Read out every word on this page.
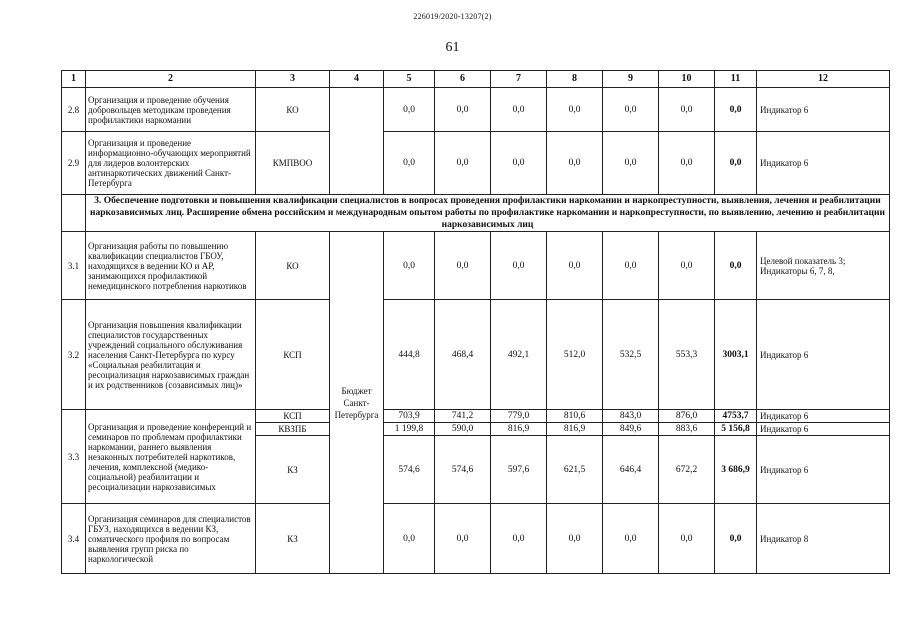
226019/2020-13207(2)
61
1	2	3	4	5	6	7	8	9	10	11	12
2.8	Организация и проведение обучения добровольцев методикам проведения профилактики наркомании	КО		0,0	0,0	0,0	0,0	0,0	0,0	0,0	Индикатор 6
2.9	Организация и проведение информационно-обучающих мероприятий для лидеров волонтерских антинаркотических движений Санкт-Петербурга	КМПВОО		0,0	0,0	0,0	0,0	0,0	0,0	0,0	Индикатор 6
	3. Обеспечение подготовки и повышения квалификации специалистов в вопросах проведения профилактики наркомании и наркопреступности, выявления, лечения и реабилитации наркозависимых лиц. Расширение обмена российским и международным опытом работы по профилактике наркомании и наркопреступности, по выявлению, лечению и реабилитации наркозависимых лиц										
3.1	Организация работы по повышению квалификации специалистов ГБОУ, находящихся в ведении КО и АР, занимающихся профилактикой немедицинского потребления наркотиков	КО	Бюджет Санкт-Петербурга	0,0	0,0	0,0	0,0	0,0	0,0	0,0	Целевой показатель 3; Индикаторы 6, 7, 8,
3.2	Организация повышения квалификации специалистов государственных учреждений социального обслуживания населения Санкт-Петербурга по курсу «Социальная реабилитация и ресоциализация наркозависимых граждан и их родственников (созависимых лиц)»	КСП		444,8	468,4	492,1	512,0	532,5	553,3	3003,1	Индикатор 6
3.3	Организация и проведение конференций и семинаров по проблемам профилактики наркомании, раннего выявления незаконных потребителей наркотиков, лечения, комплексной (медико-социальной) реабилитации и ресоциализации наркозависимых	КСП		703,9	741,2	779,0	810,6	843,0	876,0	4753,7	Индикатор 6
		КВЗПБ		1 199,8	590,0	816,9	816,9	849,6	883,6	5 156,8	Индикатор 6
		КЗ		574,6	574,6	597,6	621,5	646,4	672,2	3 686,9	Индикатор 6
3.4	Организация семинаров для специалистов ГБУЗ, находящихся в ведении КЗ, соматического профиля по вопросам выявления групп риска по наркологической	КЗ		0,0	0,0	0,0	0,0	0,0	0,0	0,0	Индикатор 8
